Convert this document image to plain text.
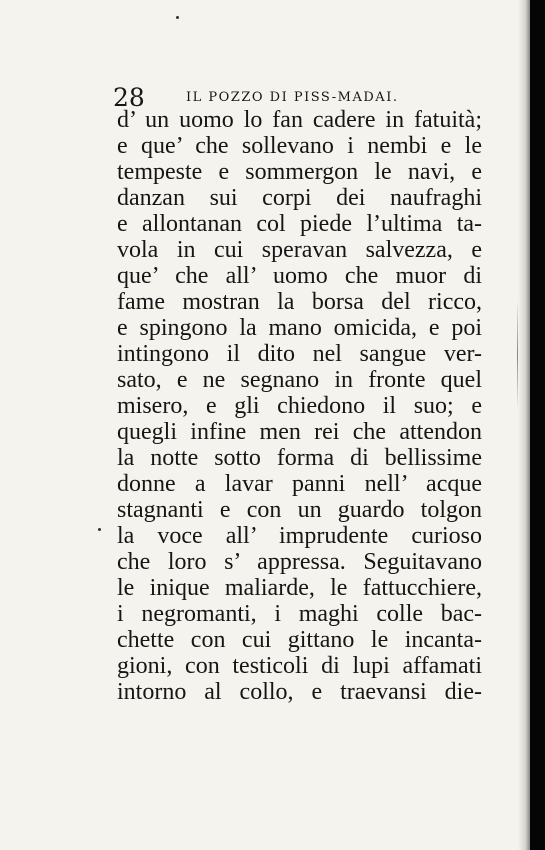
28	IL POZZO DI PISS-MADAI.
d’ un uomo lo fan cadere in fatuità;
e que’ che sollevano i nembi e le
tempeste e sommergon le navi, e
danzan sui corpi dei naufraghi
e allontanan col piede l’ultima ta-
vola in cui speravan salvezza, e
que’ che all’ uomo che muor di
fame mostran la borsa del ricco,
e spingono la mano omicida, e poi
intingono il dito nel sangue ver-
sato, e ne segnano in fronte quel
misero, e gli chiedono il suo; e
quegli infine men rei che attendon
la notte sotto forma di bellissime
donne a lavar panni nell’ acque
stagnanti e con un guardo tolgon
la voce all’ imprudente curioso
che loro s’ appressa. Seguitavano
le inique maliarde, le fattucchiere,
i negromanti, i maghi colle bac-
chette con cui gittano le incanta-
gioni, con testicoli di lupi affamati
intorno al collo, e traevansi die-
